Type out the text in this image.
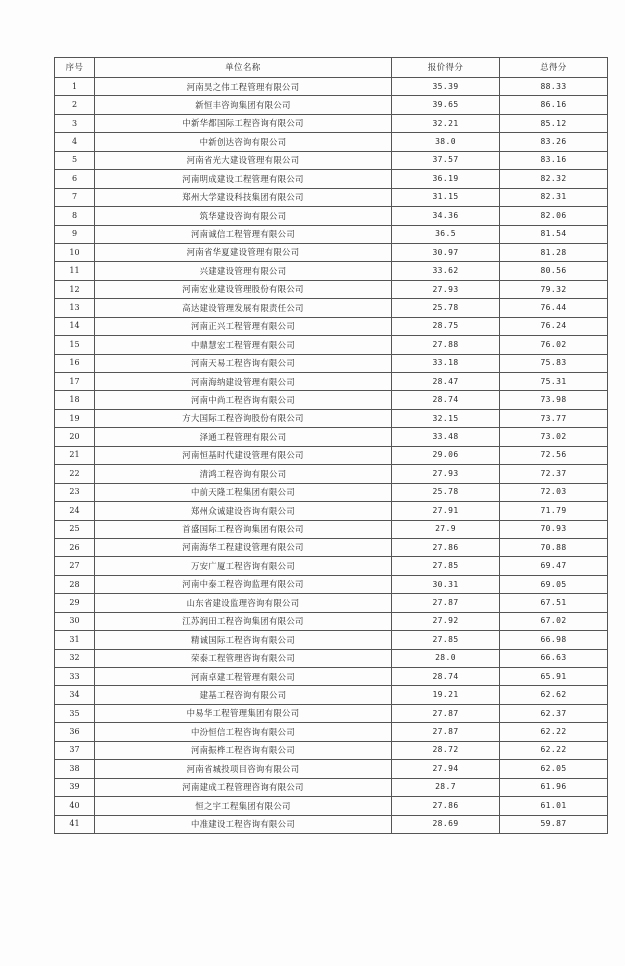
序号	单位名称	报价得分	总得分
1	河南昊之伟工程管理有限公司	35.39	88.33
2	新恒丰咨询集团有限公司	39.65	86.16
3	中新华都国际工程咨询有限公司	32.21	85.12
4	中新创达咨询有限公司	38.0	83.26
5	河南省光大建设管理有限公司	37.57	83.16
6	河南明成建设工程管理有限公司	36.19	82.32
7	郑州大学建设科技集团有限公司	31.15	82.31
8	筑华建设咨询有限公司	34.36	82.06
9	河南诚信工程管理有限公司	36.5	81.54
10	河南省华夏建设管理有限公司	30.97	81.28
11	兴建建设管理有限公司	33.62	80.56
12	河南宏业建设管理股份有限公司	27.93	79.32
13	高达建设管理发展有限责任公司	25.78	76.44
14	河南正兴工程管理有限公司	28.75	76.24
15	中鼎慧宏工程管理有限公司	27.88	76.02
16	河南天易工程咨询有限公司	33.18	75.83
17	河南海纳建设管理有限公司	28.47	75.31
18	河南中尚工程咨询有限公司	28.74	73.98
19	方大国际工程咨询股份有限公司	32.15	73.77
20	泽通工程管理有限公司	33.48	73.02
21	河南恒基时代建设管理有限公司	29.06	72.56
22	清鸿工程咨询有限公司	27.93	72.37
23	中前天隆工程集团有限公司	25.78	72.03
24	郑州众诚建设咨询有限公司	27.91	71.79
25	首盛国际工程咨询集团有限公司	27.9	70.93
26	河南海华工程建设管理有限公司	27.86	70.88
27	万安广厦工程咨询有限公司	27.85	69.47
28	河南中泰工程咨询监理有限公司	30.31	69.05
29	山东省建设监理咨询有限公司	27.87	67.51
30	江苏润田工程咨询集团有限公司	27.92	67.02
31	精诚国际工程咨询有限公司	27.85	66.98
32	荣泰工程管理咨询有限公司	28.0	66.63
33	河南卓建工程管理有限公司	28.74	65.91
34	建基工程咨询有限公司	19.21	62.62
35	中易华工程管理集团有限公司	27.87	62.37
36	中汾恒信工程咨询有限公司	27.87	62.22
37	河南振桦工程咨询有限公司	28.72	62.22
38	河南省城投项目咨询有限公司	27.94	62.05
39	河南建成工程管理咨询有限公司	28.7	61.96
40	恒之宇工程集团有限公司	27.86	61.01
41	中准建设工程咨询有限公司	28.69	59.87
